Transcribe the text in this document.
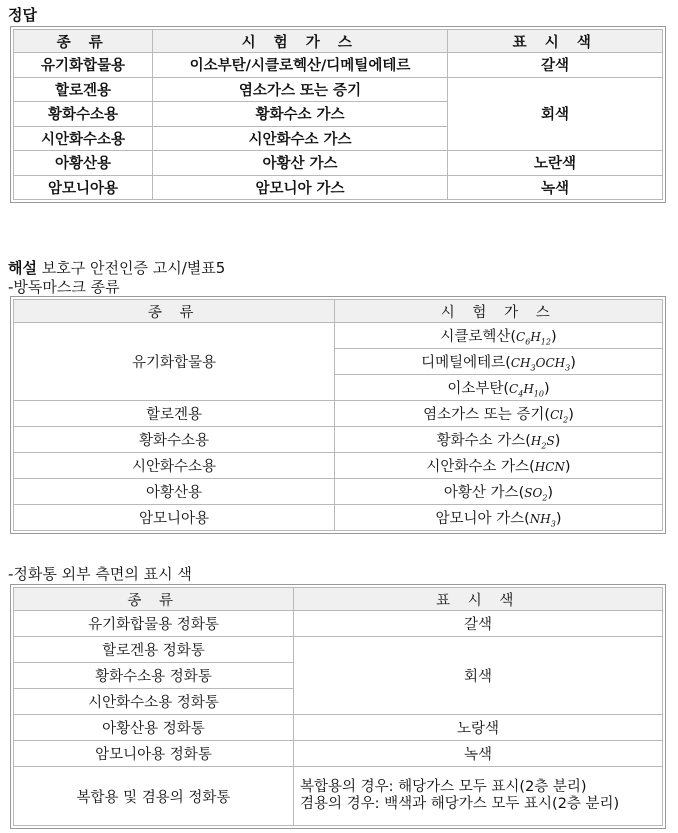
정답
종 류	시 험 가 스	표 시 색
유기화합물용	이소부탄/시클로헥산/디메틸에테르	갈색
할로겐용	염소가스 또는 증기	회색
황화수소용	황화수소 가스	
시안화수소용	시안화수소 가스	
아황산용	아황산 가스	노란색
암모니아용	암모니아 가스	녹색
해설 보호구 안전인증 고시/별표5
-방독마스크 종류
종 류	시 험 가 스
유기화합물용	시클로헥산$(C_6H_{12})$
	디메틸에테르$(CH_3OCH_3)$
	이소부탄$(C_4H_{10})$
할로겐용	염소가스 또는 증기$(Cl_2)$
황화수소용	황화수소 가스$(H_2S)$
시안화수소용	시안화수소 가스(HCN)
아황산용	아황산 가스$(SO_2)$
암모니아용	암모니아 가스$(NH_3)$
-정화통 외부 측면의 표시 색
종 류	표 시 색
유기화합물용 정화통	갈색
할로겐용 정화통	회색
황화수소용 정화통	
시안화수소용 정화통	
아황산용 정화통	노랑색
암모니아용 정화통	녹색
복합용 및 겸용의 정화통	복합용의 경우: 해당가스 모두 표시(2층 분리)
겸용의 경우: 백색과 해당가스 모두 표시(2층 분리)
